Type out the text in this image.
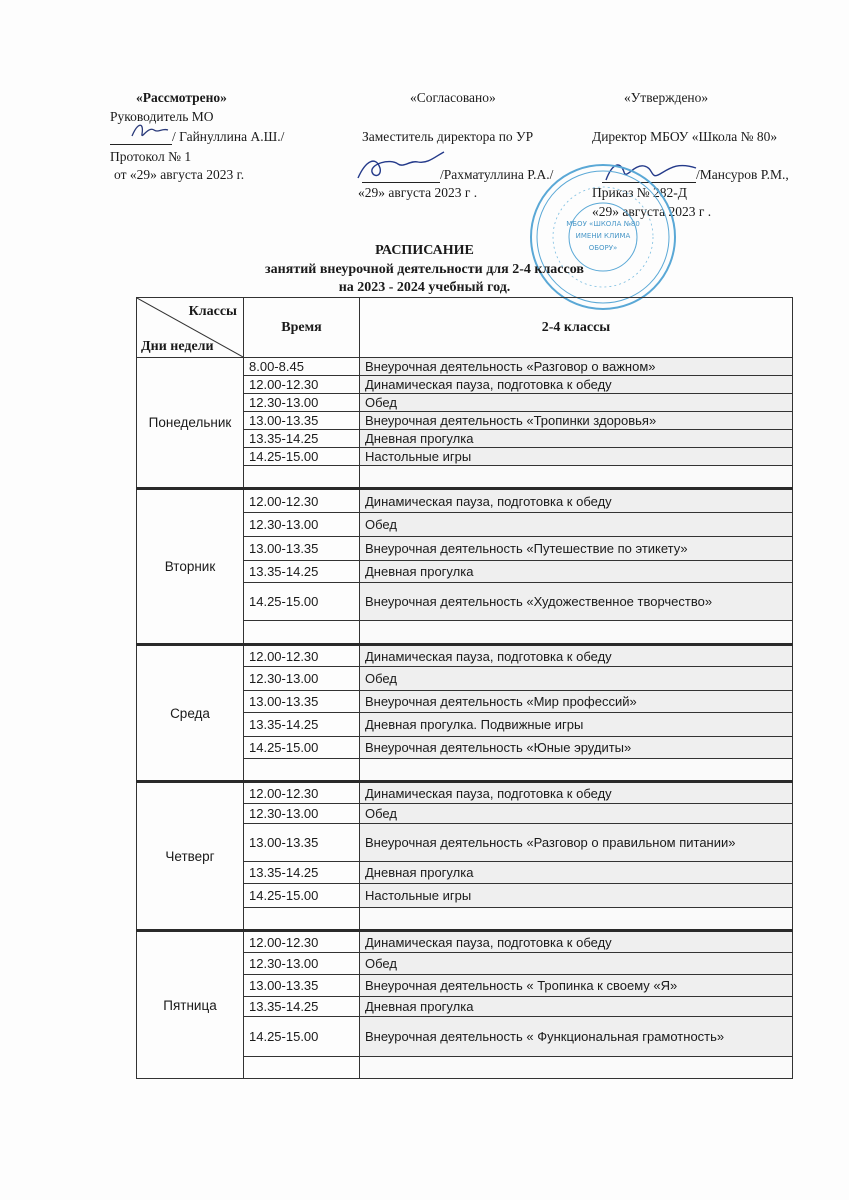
«Рассмотрено»
Руководитель МО
/ Гайнуллина А.Ш./
Протокол № 1
от «29» августа 2023 г.
«Согласовано»
Заместитель директора по УР
/Рахматуллина Р.А./
«29» августа 2023 г .
«Утверждено»
Директор МБОУ «Школа № 80»
/Мансуров Р.М.,
Приказ № 282-Д
«29» августа 2023 г .
МБОУ «ШКОЛА №80
ИМЕНИ КЛИМА
ОБОРУ»
РАСПИСАНИЕ
занятий внеурочной деятельности для 2-4 классов
на 2023 - 2024 учебный год.
Классы
Дни недели	Время	2-4 классы
Понедельник	8.00-8.45	Внеурочная деятельность «Разговор о важном»
	12.00-12.30	Динамическая пауза, подготовка к обеду
	12.30-13.00	Обед
	13.00-13.35	Внеурочная деятельность «Тропинки здоровья»
	13.35-14.25	Дневная прогулка
	14.25-15.00	Настольные игры

Вторник	12.00-12.30	Динамическая пауза, подготовка к обеду
	12.30-13.00	Обед
	13.00-13.35	Внеурочная деятельность «Путешествие по этикету»
	13.35-14.25	Дневная прогулка
	14.25-15.00	Внеурочная деятельность «Художественное творчество»

Среда	12.00-12.30	Динамическая пауза, подготовка к обеду
	12.30-13.00	Обед
	13.00-13.35	Внеурочная деятельность «Мир профессий»
	13.35-14.25	Дневная прогулка. Подвижные игры
	14.25-15.00	Внеурочная деятельность «Юные эрудиты»

Четверг	12.00-12.30	Динамическая пауза, подготовка к обеду
	12.30-13.00	Обед
	13.00-13.35	Внеурочная деятельность «Разговор о правильном питании»
	13.35-14.25	Дневная прогулка
	14.25-15.00	Настольные игры

Пятница	12.00-12.30	Динамическая пауза, подготовка к обеду
	12.30-13.00	Обед
	13.00-13.35	Внеурочная деятельность « Тропинка к своему «Я»
	13.35-14.25	Дневная прогулка
	14.25-15.00	Внеурочная деятельность « Функциональная грамотность»
